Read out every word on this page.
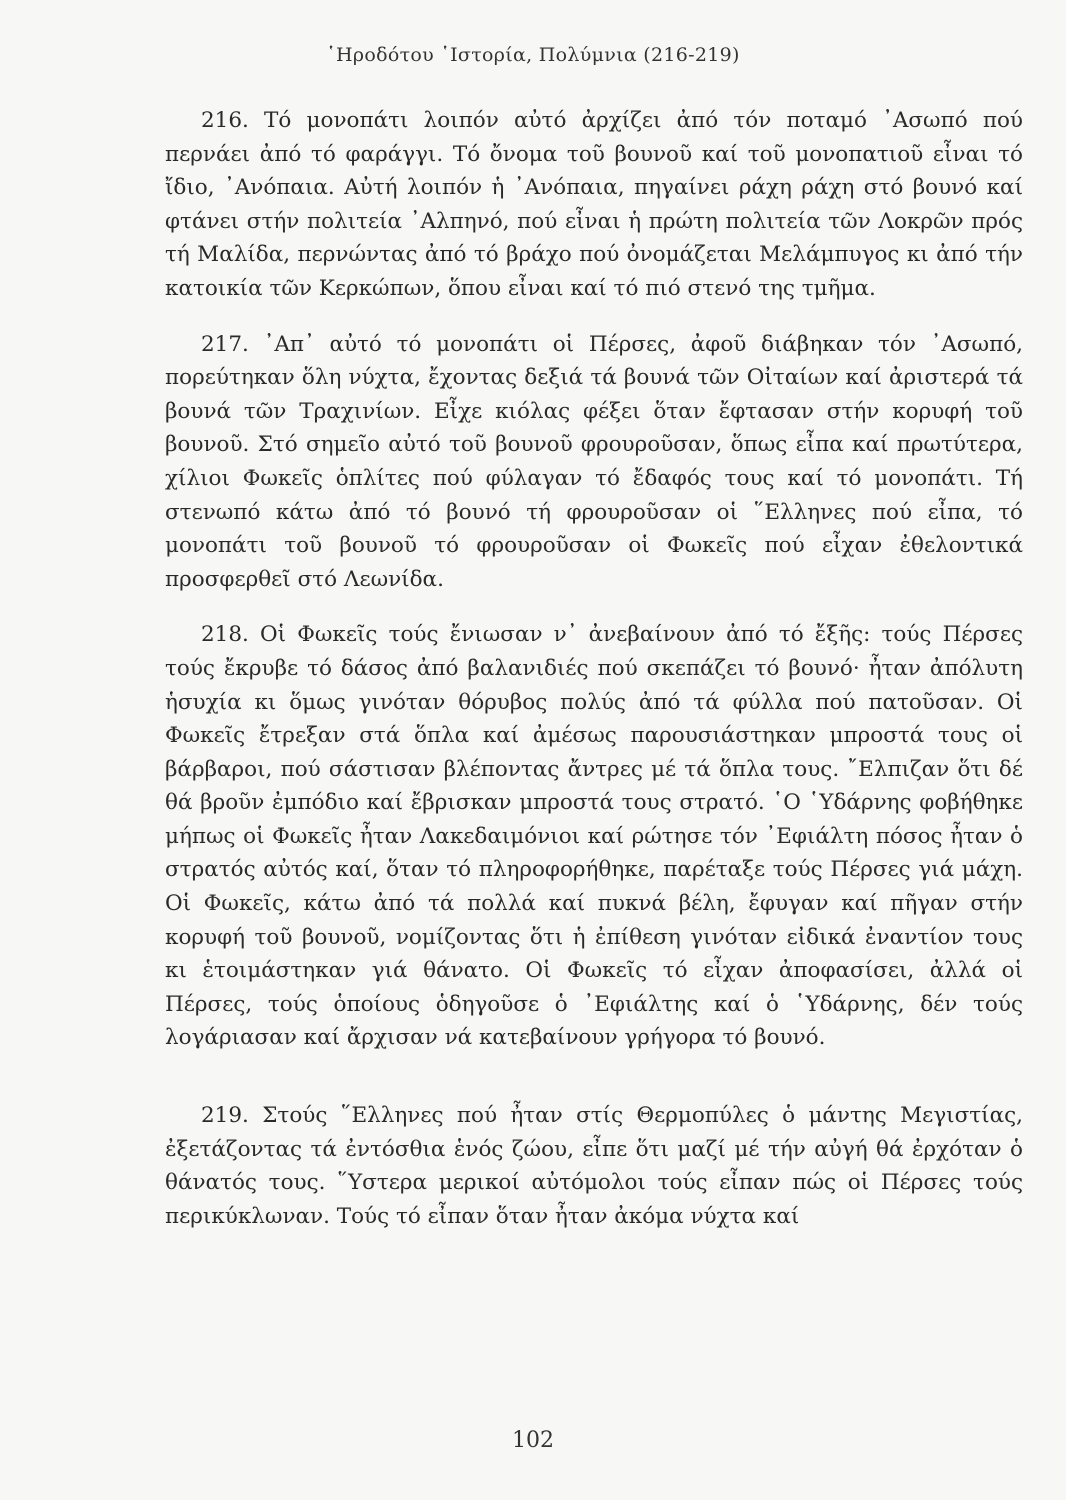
῾Ηροδότου ῾Ιστορία, Πολύμνια (216-219)

216. Τό μονοπάτι λοιπόν αὐτό ἀρχίζει ἀπό τόν ποταμό ᾿Ασωπό πού περνάει ἀπό τό φαράγγι. Τό ὄνομα τοῦ βουνοῦ καί τοῦ μονοπατιοῦ εἶναι τό ἴδιο, ᾿Ανόπαια. Αὐτή λοιπόν ἡ ᾿Ανόπαια, πηγαίνει ράχη ράχη στό βουνό καί φτάνει στήν πολιτεία ᾿Αλπηνό, πού εἶναι ἡ πρώτη πολιτεία τῶν Λοκρῶν πρός τή Μαλίδα, περνώντας ἀπό τό βράχο πού ὀνομάζεται Μελάμπυγος κι ἀπό τήν κατοικία τῶν Κερκώπων, ὅπου εἶναι καί τό πιό στενό της τμῆμα.

217. ᾿Απ᾿ αὐτό τό μονοπάτι οἱ Πέρσες, ἀφοῦ διάβηκαν τόν ᾿Ασωπό, πορεύτηκαν ὅλη νύχτα, ἔχοντας δεξιά τά βουνά τῶν Οἰταίων καί ἀριστερά τά βουνά τῶν Τραχινίων. Εἶχε κιόλας φέξει ὅταν ἔφτασαν στήν κορυφή τοῦ βουνοῦ. Στό σημεῖο αὐτό τοῦ βουνοῦ φρουροῦσαν, ὅπως εἶπα καί πρωτύτερα, χίλιοι Φωκεῖς ὁπλίτες πού φύλαγαν τό ἔδαφός τους καί τό μονοπάτι. Τή στενωπό κάτω ἀπό τό βουνό τή φρουροῦσαν οἱ ῞Ελληνες πού εἶπα, τό μονοπάτι τοῦ βουνοῦ τό φρουροῦσαν οἱ Φωκεῖς πού εἶχαν ἐθελοντικά προσφερθεῖ στό Λεωνίδα.

218. Οἱ Φωκεῖς τούς ἔνιωσαν ν᾿ ἀνεβαίνουν ἀπό τό ἔξῆς: τούς Πέρσες τούς ἔκρυβε τό δάσος ἀπό βαλανιδιές πού σκεπάζει τό βουνό· ἦταν ἀπόλυτη ἡσυχία κι ὅμως γινόταν θόρυβος πολύς ἀπό τά φύλλα πού πατοῦσαν. Οἱ Φωκεῖς ἔτρεξαν στά ὅπλα καί ἀμέσως παρουσιάστηκαν μπροστά τους οἱ βάρβαροι, πού σάστισαν βλέποντας ἄντρες μέ τά ὅπλα τους. ῎Ελπιζαν ὅτι δέ θά βροῦν ἐμπόδιο καί ἔβρισκαν μπροστά τους στρατό. ῾Ο ῾Υδάρνης φοβήθηκε μήπως οἱ Φωκεῖς ἦταν Λακεδαιμόνιοι καί ρώτησε τόν ᾿Εφιάλτη πόσος ἦταν ὁ στρατός αὐτός καί, ὅταν τό πληροφορήθηκε, παρέταξε τούς Πέρσες γιά μάχη. Οἱ Φωκεῖς, κάτω ἀπό τά πολλά καί πυκνά βέλη, ἔφυγαν καί πῆγαν στήν κορυφή τοῦ βουνοῦ, νομίζοντας ὅτι ἡ ἐπίθεση γινόταν εἰδικά ἐναντίον τους κι ἑτοιμάστηκαν γιά θάνατο. Οἱ Φωκεῖς τό εἶχαν ἀποφασίσει, ἀλλά οἱ Πέρσες, τούς ὁποίους ὁδηγοῦσε ὁ ᾿Εφιάλτης καί ὁ ῾Υδάρνης, δέν τούς λογάριασαν καί ἄρχισαν νά κατεβαίνουν γρήγορα τό βουνό.

219. Στούς ῞Ελληνες πού ἦταν στίς Θερμοπύλες ὁ μάντης Μεγιστίας, ἐξετάζοντας τά ἐντόσθια ἑνός ζώου, εἶπε ὅτι μαζί μέ τήν αὐγή θά ἐρχόταν ὁ θάνατός τους. ῞Υστερα μερικοί αὐτόμολοι τούς εἶπαν πώς οἱ Πέρσες τούς περικύκλωναν. Τούς τό εἶπαν ὅταν ἦταν ἀκόμα νύχτα καί

102
